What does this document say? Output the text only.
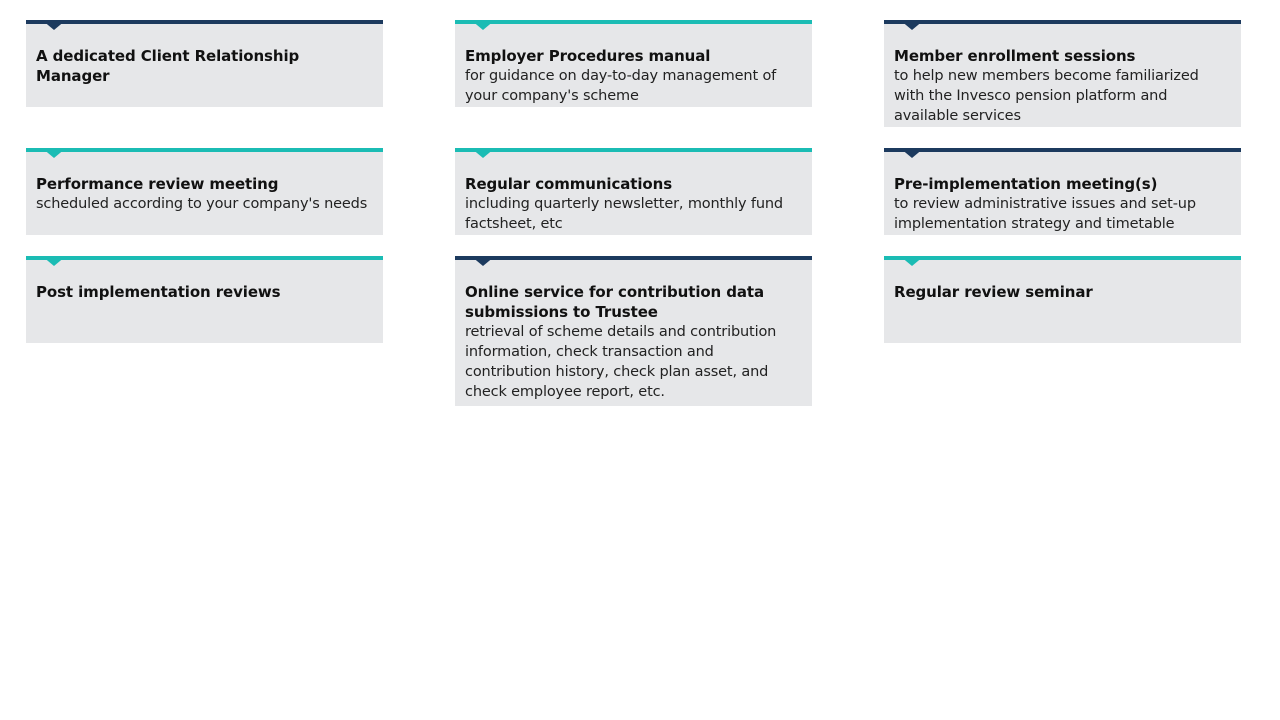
A dedicated Client Relationship Manager
Employer Procedures manual
for guidance on day-to-day management of your company's scheme
Member enrollment sessions
to help new members become familiarized with the Invesco pension platform and available services
Performance review meeting
scheduled according to your company's needs
Regular communications
including quarterly newsletter, monthly fund factsheet, etc
Pre-implementation meeting(s)
to review administrative issues and set-up implementation strategy and timetable
Post implementation reviews	Online service for contribution data submissions to Trustee
retrieval of scheme details and contribution information, check transaction and contribution history, check plan asset, and check employee report, etc.
Regular review seminar
